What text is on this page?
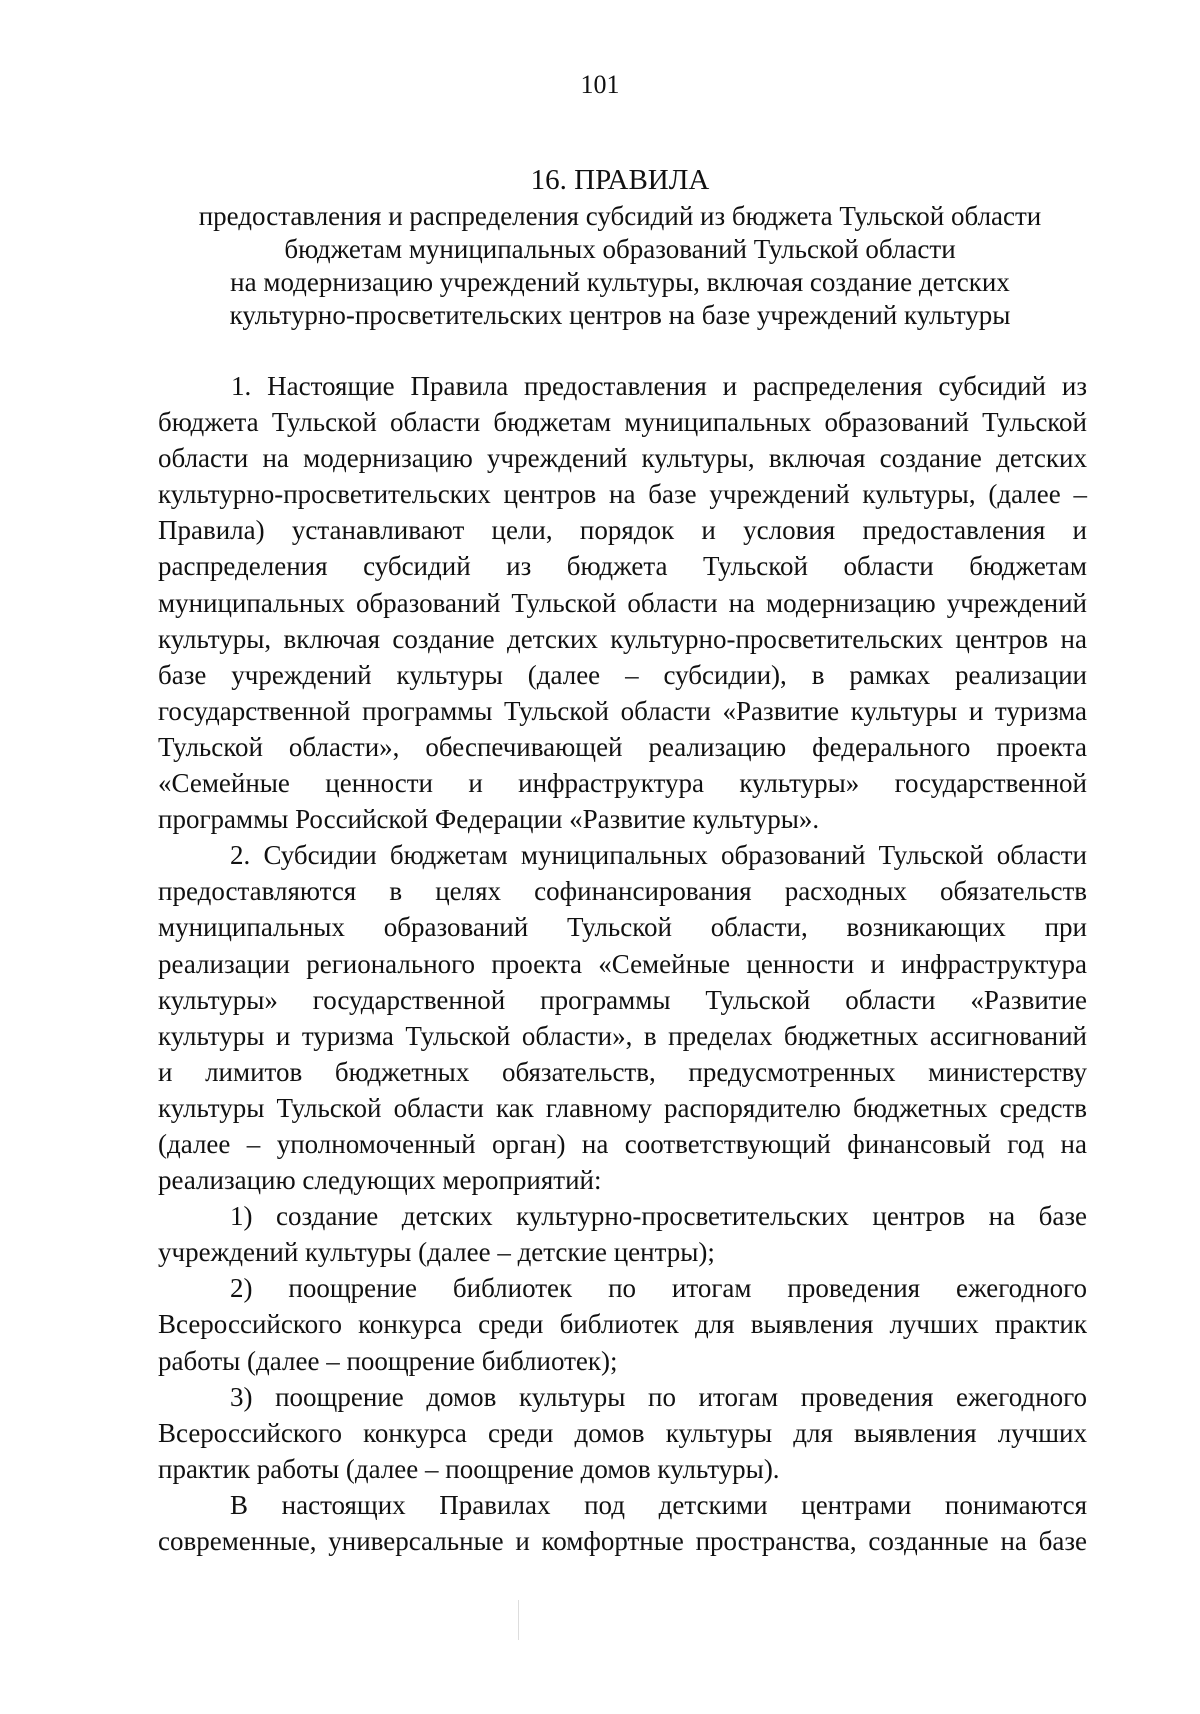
101
16. ПРАВИЛА
предоставления и распределения субсидий из бюджета Тульской области
бюджетам муниципальных образований Тульской области
на модернизацию учреждений культуры, включая создание детских
культурно-просветительских центров на базе учреждений культуры
1. Настоящие Правила предоставления и распределения субсидий из
бюджета Тульской области бюджетам муниципальных образований Тульской
области на модернизацию учреждений культуры, включая создание детских
культурно-просветительских центров на базе учреждений культуры, (далее –
Правила) устанавливают цели, порядок и условия предоставления и
распределения субсидий из бюджета Тульской области бюджетам
муниципальных образований Тульской области на модернизацию учреждений
культуры, включая создание детских культурно-просветительских центров на
базе учреждений культуры (далее – субсидии), в рамках реализации
государственной программы Тульской области «Развитие культуры и туризма
Тульской области», обеспечивающей реализацию федерального проекта
«Семейные ценности и инфраструктура культуры» государственной
программы Российской Федерации «Развитие культуры».
2. Субсидии бюджетам муниципальных образований Тульской области
предоставляются в целях софинансирования расходных обязательств
муниципальных образований Тульской области, возникающих при
реализации регионального проекта «Семейные ценности и инфраструктура
культуры» государственной программы Тульской области «Развитие
культуры и туризма Тульской области», в пределах бюджетных ассигнований
и лимитов бюджетных обязательств, предусмотренных министерству
культуры Тульской области как главному распорядителю бюджетных средств
(далее – уполномоченный орган) на соответствующий финансовый год на
реализацию следующих мероприятий:
1) создание детских культурно-просветительских центров на базе
учреждений культуры (далее – детские центры);
2) поощрение библиотек по итогам проведения ежегодного
Всероссийского конкурса среди библиотек для выявления лучших практик
работы (далее – поощрение библиотек);
3) поощрение домов культуры по итогам проведения ежегодного
Всероссийского конкурса среди домов культуры для выявления лучших
практик работы (далее – поощрение домов культуры).
В настоящих Правилах под детскими центрами понимаются
современные, универсальные и комфортные пространства, созданные на базе
